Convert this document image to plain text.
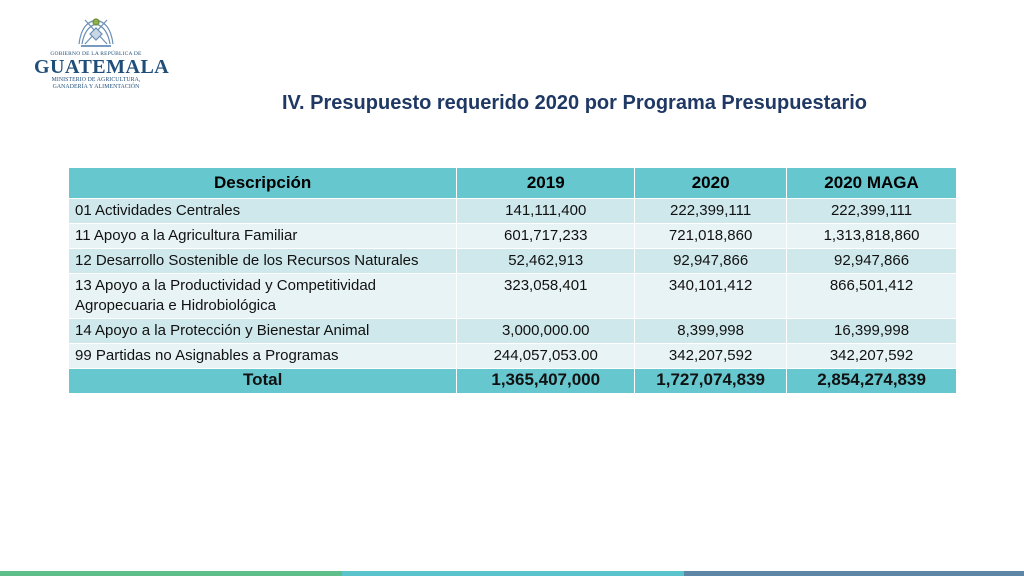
GOBIERNO DE LA REPÚBLICA DE
GUATEMALA
MINISTERIO DE AGRICULTURA,
GANADERÍA Y ALIMENTACIÓN
IV. Presupuesto requerido 2020 por Programa Presupuestario
Descripción	2019	2020	2020 MAGA
01 Actividades Centrales	141,111,400	222,399,111	222,399,111
11 Apoyo a la Agricultura Familiar	601,717,233	721,018,860	1,313,818,860
12 Desarrollo Sostenible de los Recursos Naturales	52,462,913	92,947,866	92,947,866
13 Apoyo a la Productividad y Competitividad Agropecuaria e Hidrobiológica	323,058,401	340,101,412	866,501,412
14 Apoyo a la Protección y Bienestar Animal	3,000,000.00	8,399,998	16,399,998
99 Partidas no Asignables a Programas	244,057,053.00	342,207,592	342,207,592
Total	1,365,407,000	1,727,074,839	2,854,274,839
